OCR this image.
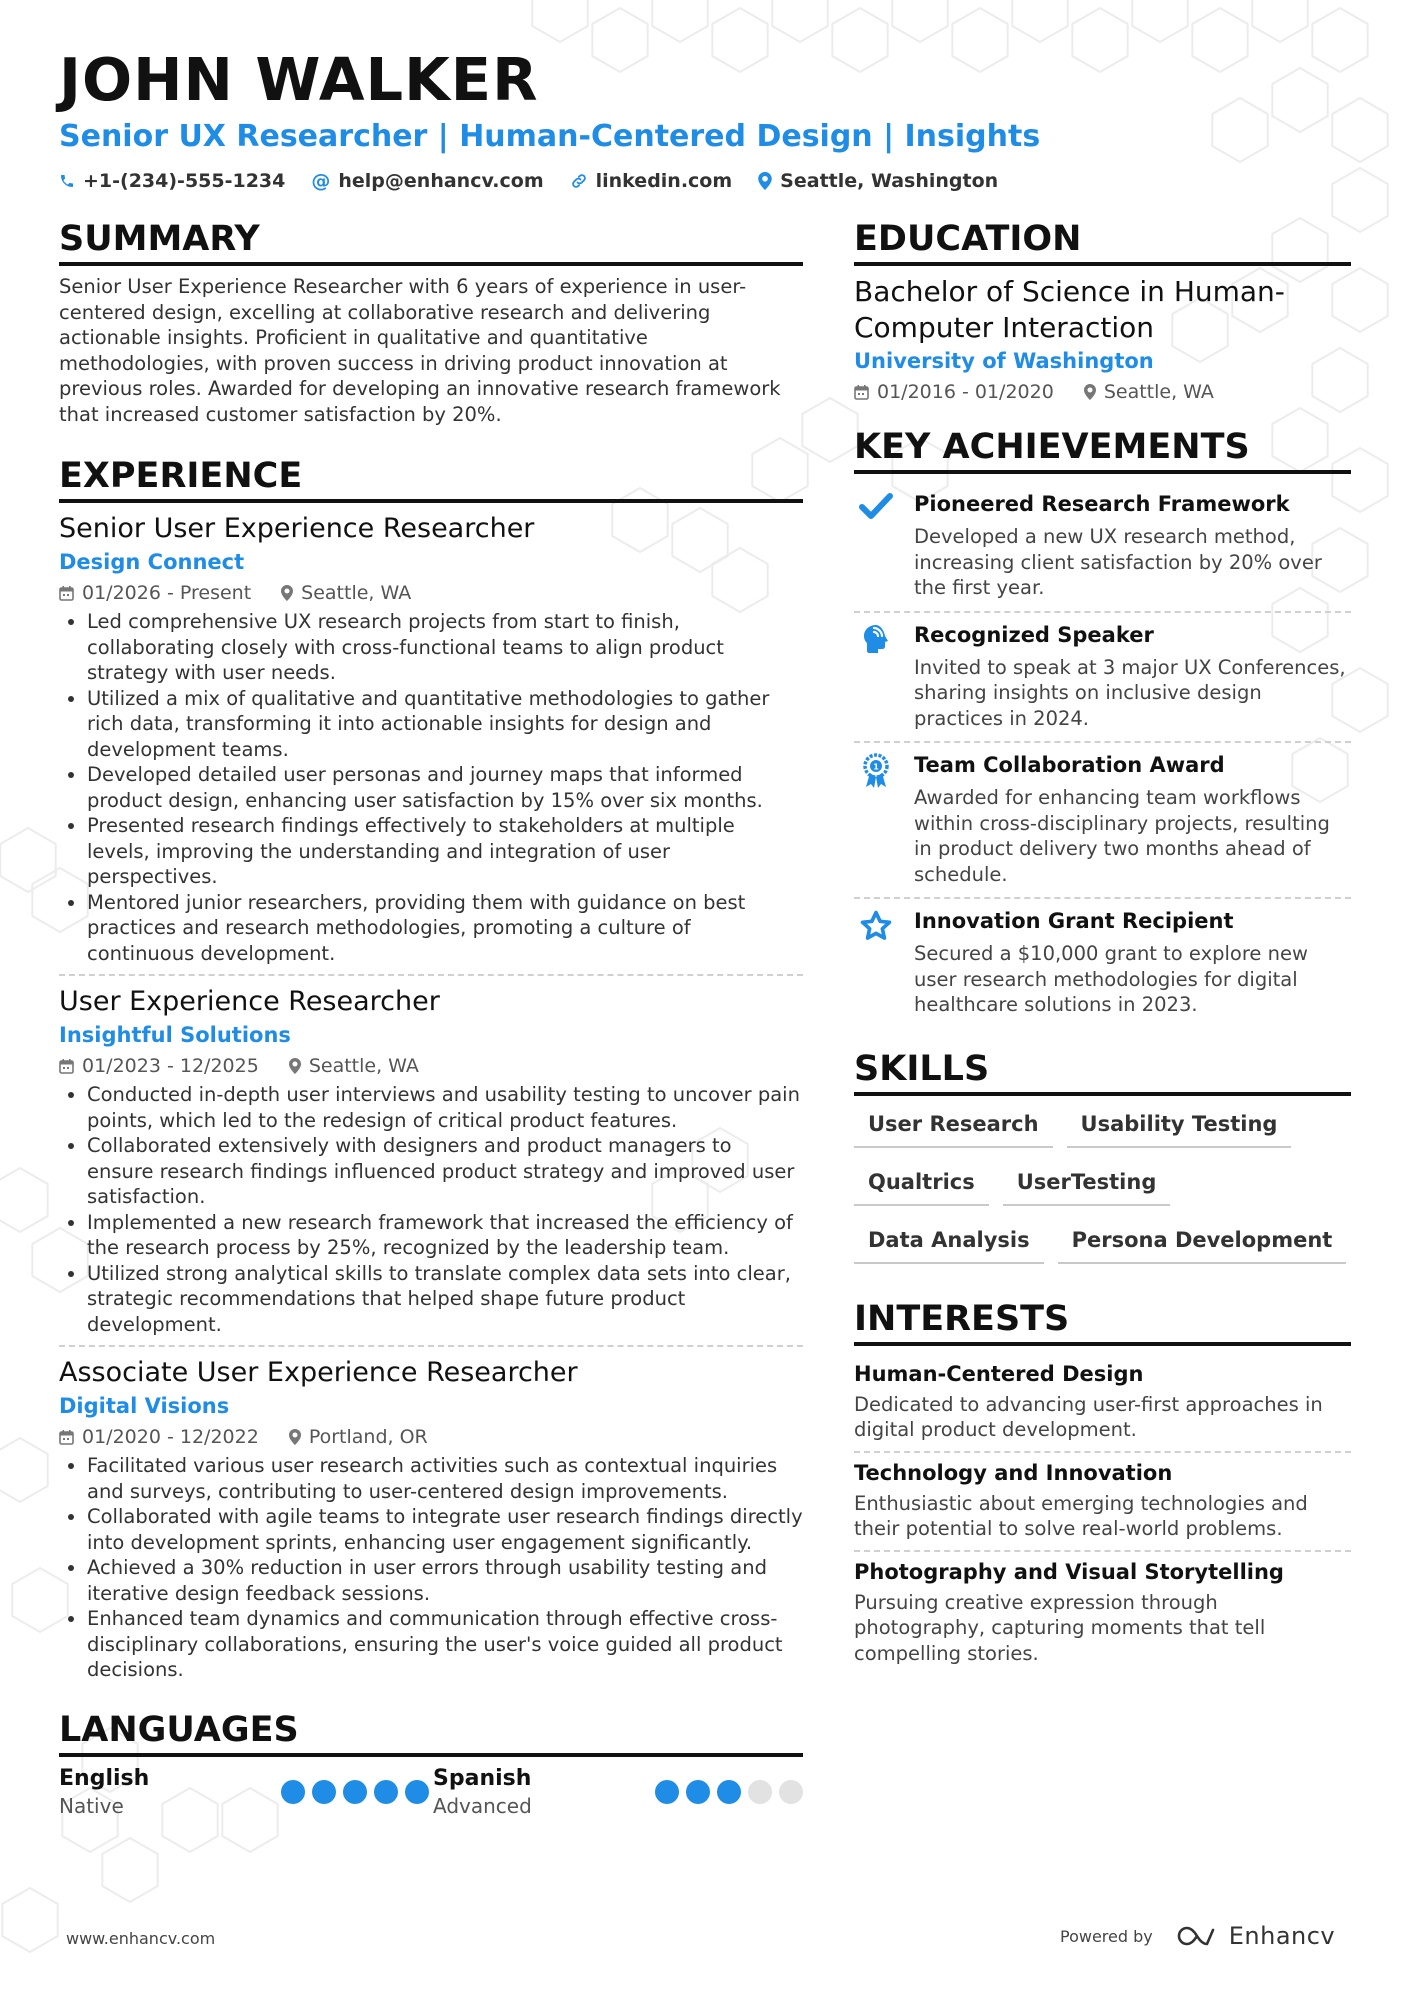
JOHN WALKER
Senior UX Researcher | Human-Centered Design | Insights
+1-(234)-555-1234 @ help@enhancv.com	linkedin.com	Seattle, Washington
SUMMARY

Senior User Experience Researcher with 6 years of experience in user-centered design, excelling at collaborative research and delivering actionable insights. Proficient in qualitative and quantitative methodologies, with proven success in driving product innovation at previous roles. Awarded for developing an innovative research framework that increased customer satisfaction by 20%.

EXPERIENCE
Senior User Experience Researcher
Design Connect
01/2026 - Present	Seattle, WA
• Led comprehensive UX research projects from start to finish, collaborating closely with cross-functional teams to align product strategy with user needs.
• Utilized a mix of qualitative and quantitative methodologies to gather rich data, transforming it into actionable insights for design and development teams.
• Developed detailed user personas and journey maps that informed product design, enhancing user satisfaction by 15% over six months.
• Presented research findings effectively to stakeholders at multiple levels, improving the understanding and integration of user perspectives.
• Mentored junior researchers, providing them with guidance on best practices and research methodologies, promoting a culture of continuous development.
User Experience Researcher
Insightful Solutions
01/2023 - 12/2025	Seattle, WA
• Conducted in-depth user interviews and usability testing to uncover pain points, which led to the redesign of critical product features.
• Collaborated extensively with designers and product managers to ensure research findings influenced product strategy and improved user satisfaction.
• Implemented a new research framework that increased the efficiency of the research process by 25%, recognized by the leadership team.
• Utilized strong analytical skills to translate complex data sets into clear, strategic recommendations that helped shape future product development.
Associate User Experience Researcher
Digital Visions
01/2020 - 12/2022	Portland, OR
• Facilitated various user research activities such as contextual inquiries and surveys, contributing to user-centered design improvements.
• Collaborated with agile teams to integrate user research findings directly into development sprints, enhancing user engagement significantly.
• Achieved a 30% reduction in user errors through usability testing and iterative design feedback sessions.
• Enhanced team dynamics and communication through effective cross-disciplinary collaborations, ensuring the user's voice guided all product decisions.
LANGUAGES
English
Native
Spanish
Advanced
EDUCATION
Bachelor of Science in Human-Computer Interaction
University of Washington
01/2016 - 01/2020	Seattle, WA
KEY ACHIEVEMENTS
Pioneered Research Framework
Developed a new UX research method, increasing client satisfaction by 20% over the first year.
Recognized Speaker
Invited to speak at 3 major UX Conferences, sharing insights on inclusive design practices in 2024.
1 Team Collaboration Award
Awarded for enhancing team workflows within cross-disciplinary projects, resulting in product delivery two months ahead of schedule.
Innovation Grant Recipient
Secured a $10,000 grant to explore new user research methodologies for digital healthcare solutions in 2023.
SKILLS
User Research	Usability Testing
Qualtrics	UserTesting
Data Analysis	Persona Development
INTERESTS
Human-Centered Design
Dedicated to advancing user-first approaches in digital product development.
Technology and Innovation
Enthusiastic about emerging technologies and their potential to solve real-world problems.
Photography and Visual Storytelling
Pursuing creative expression through photography, capturing moments that tell compelling stories.
www.enhancv.com	Powered by	Enhancv
